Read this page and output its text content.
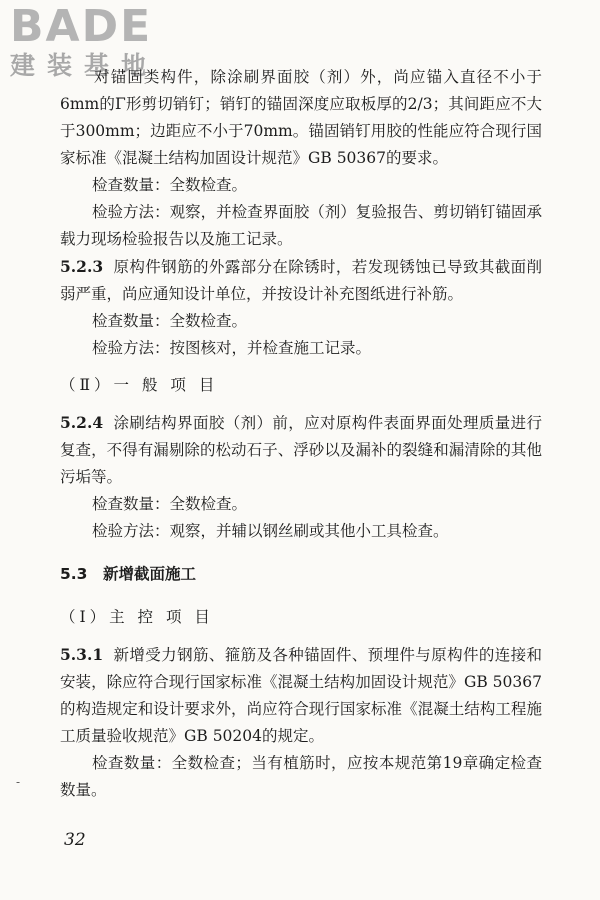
BADE
建装基地

对锚固类构件，除涂刷界面胶（剂）外，尚应锚入直径不小于6mm的Γ形剪切销钉；销钉的锚固深度应取板厚的2/3；其间距应不大于300mm；边距应不小于70mm。锚固销钉用胶的性能应符合现行国家标准《混凝土结构加固设计规范》GB 50367的要求。

检查数量：全数检查。

检验方法：观察，并检查界面胶（剂）复验报告、剪切销钉锚固承载力现场检验报告以及施工记录。

5.2.3 原构件钢筋的外露部分在除锈时，若发现锈蚀已导致其截面削弱严重，尚应通知设计单位，并按设计补充图纸进行补筋。

检查数量：全数检查。

检验方法：按图核对，并检查施工记录。

（Ⅱ）一 般 项 目

5.2.4 涂刷结构界面胶（剂）前，应对原构件表面界面处理质量进行复查，不得有漏剔除的松动石子、浮砂以及漏补的裂缝和漏清除的其他污垢等。

检查数量：全数检查。

检验方法：观察，并辅以钢丝刷或其他小工具检查。

5.3　新增截面施工

（Ⅰ）主 控 项 目

5.3.1 新增受力钢筋、箍筋及各种锚固件、预埋件与原构件的连接和安装，除应符合现行国家标准《混凝土结构加固设计规范》GB 50367的构造规定和设计要求外，尚应符合现行国家标准《混凝土结构工程施工质量验收规范》GB 50204的规定。

检查数量：全数检查；当有植筋时，应按本规范第19章确定检查数量。

-
32
